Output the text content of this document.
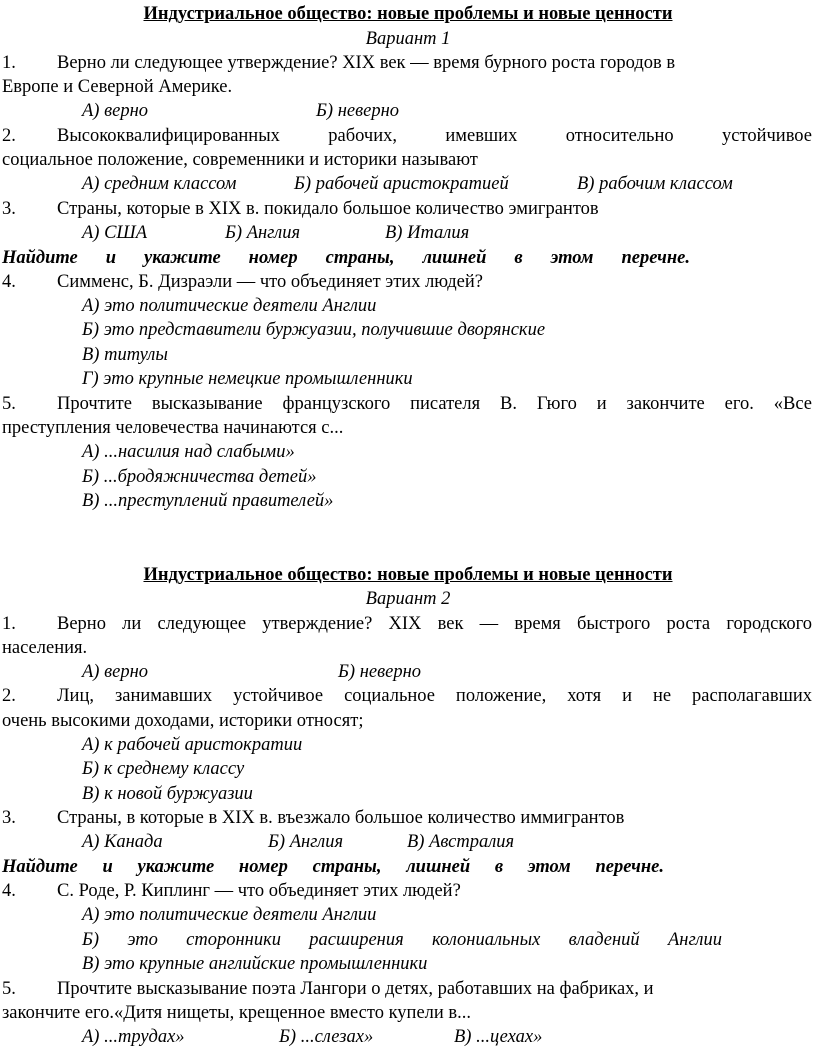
Индустриальное общество: новые проблемы и новые ценности
Вариант 1
1. Верно ли следующее утверждение? XIX век — время бурного роста городов в
Европе и Северной Америке.
А) верно	Б) неверно
2. Высококвалифицированных рабочих, имевших относительно устойчивое
социальное положение, современники и историки называют
А) средним классом	Б) рабочей аристократией	В) рабочим классом
3. Страны, которые в XIX в. покидало большое количество эмигрантов
А) США	Б) Англия	В) Италия
Найдите и укажите номер страны, лишней в этом перечне.
4. Симменс, Б. Дизраэли — что объединяет этих людей?
А) это политические деятели Англии
Б) это представители буржуазии, получившие дворянские
В) титулы
Г) это крупные немецкие промышленники
5. Прочтите высказывание французского писателя В. Гюго и закончите его. «Все
преступления человечества начинаются с...
А) ...насилия над слабыми»
Б) ...бродяжничества детей»
В) ...преступлений правителей»
Индустриальное общество: новые проблемы и новые ценности
Вариант 2
1. Верно ли следующее утверждение? XIX век — время быстрого роста городского
населения.
А) верно	Б) неверно
2. Лиц, занимавших устойчивое социальное положение, хотя и не располагавших
очень высокими доходами, историки относят;
А) к рабочей аристократии
Б) к среднему классу
В) к новой буржуазии
3. Страны, в которые в XIX в. въезжало большое количество иммигрантов
А) Канада	Б) Англия	В) Австралия
Найдите и укажите номер страны, лишней в этом перечне.
4. С. Роде, Р. Киплинг — что объединяет этих людей?
А) это политические деятели Англии
Б) это сторонники расширения колониальных владений Англии
В) это крупные английские промышленники
5. Прочтите высказывание поэта Лангори о детях, работавших на фабриках, и
закончите его.«Дитя нищеты, крещенное вместо купели в...
А) ...трудах»	Б) ...слезах»	В) ...цехах»
